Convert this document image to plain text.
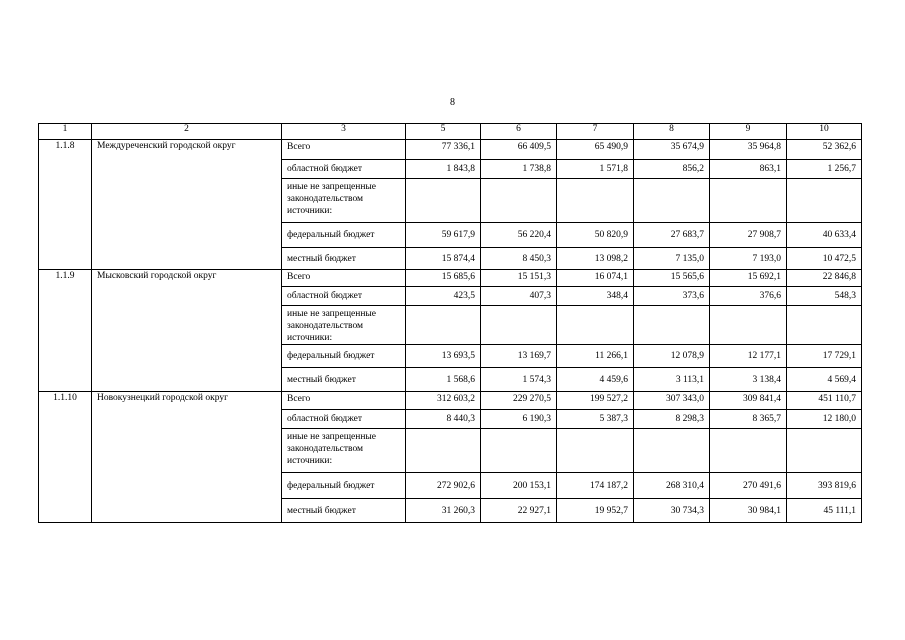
8
1	2	3	5	6	7	8	9	10
1.1.8	Междуреченский городской округ	Всего	77 336,1	66 409,5	65 490,9	35 674,9	35 964,8	52 362,6
		областной бюджет	1 843,8	1 738,8	1 571,8	856,2	863,1	1 256,7
		иные не запрещенные законодательством источники:						
		федеральный бюджет	59 617,9	56 220,4	50 820,9	27 683,7	27 908,7	40 633,4
		местный бюджет	15 874,4	8 450,3	13 098,2	7 135,0	7 193,0	10 472,5
1.1.9	Мысковский городской округ	Всего	15 685,6	15 151,3	16 074,1	15 565,6	15 692,1	22 846,8
		областной бюджет	423,5	407,3	348,4	373,6	376,6	548,3
		иные не запрещенные законодательством источники:						
		федеральный бюджет	13 693,5	13 169,7	11 266,1	12 078,9	12 177,1	17 729,1
		местный бюджет	1 568,6	1 574,3	4 459,6	3 113,1	3 138,4	4 569,4
1.1.10	Новокузнецкий городской округ	Всего	312 603,2	229 270,5	199 527,2	307 343,0	309 841,4	451 110,7
		областной бюджет	8 440,3	6 190,3	5 387,3	8 298,3	8 365,7	12 180,0
		иные не запрещенные законодательством источники:						
		федеральный бюджет	272 902,6	200 153,1	174 187,2	268 310,4	270 491,6	393 819,6
		местный бюджет	31 260,3	22 927,1	19 952,7	30 734,3	30 984,1	45 111,1
